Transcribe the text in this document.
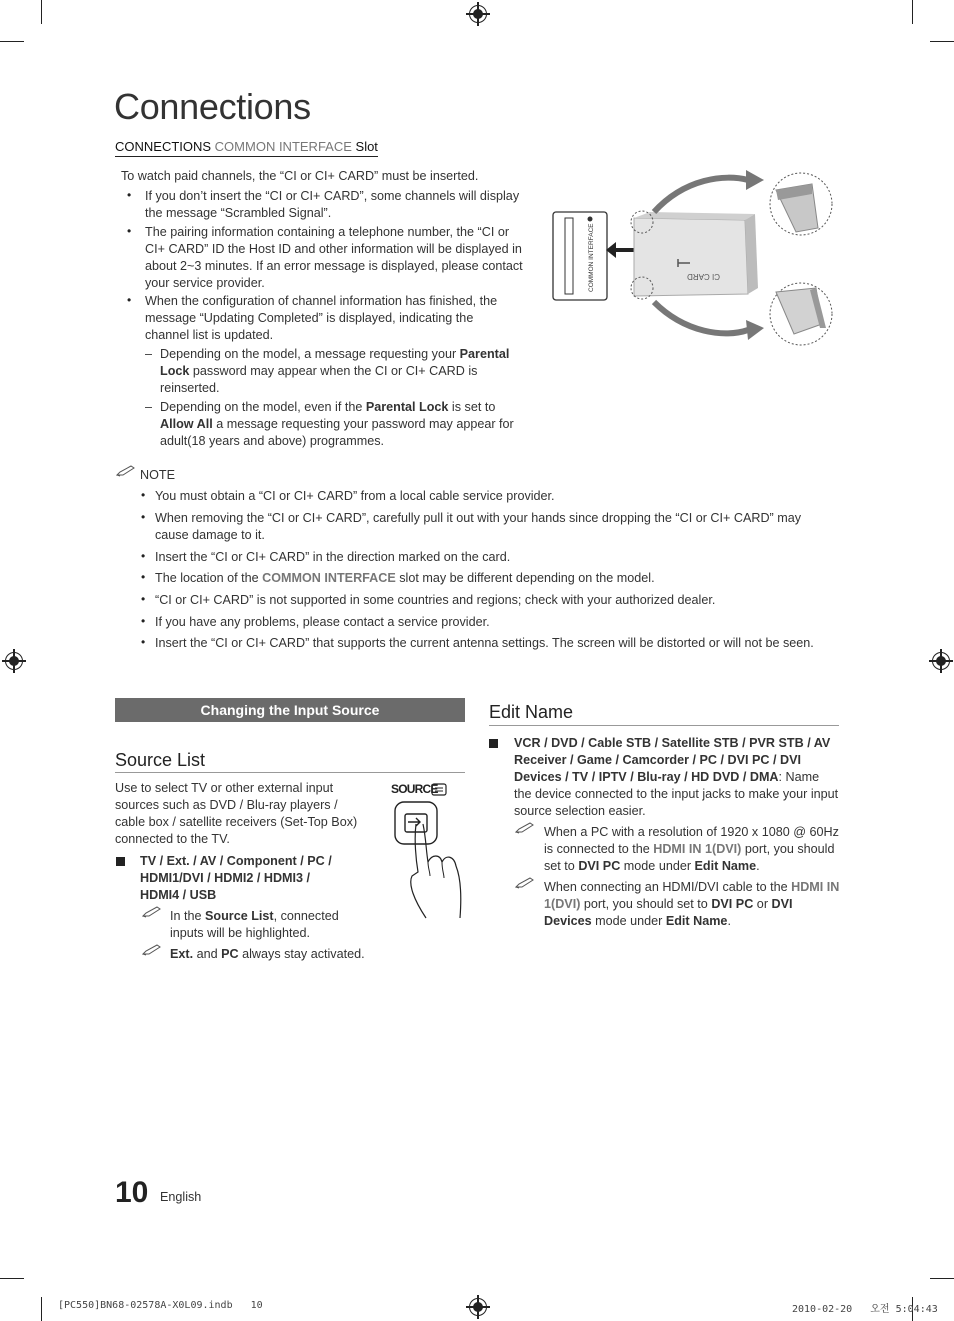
Connections
CONNECTIONS COMMON INTERFACE Slot
To watch paid channels, the “CI or CI+ CARD” must be inserted.
• If you don’t insert the “CI or CI+ CARD”, some channels will display the message “Scrambled Signal”.
• The pairing information containing a telephone number, the “CI or CI+ CARD” ID the Host ID and other information will be displayed in about 2~3 minutes. If an error message is displayed, please contact your service provider.
• When the configuration of channel information has finished, the message “Updating Completed” is displayed, indicating the channel list is updated.
– Depending on the model, a message requesting your Parental Lock password may appear when the CI or CI+ CARD is reinserted.
– Depending on the model, even if the Parental Lock is set to Allow All a message requesting your password may appear for adult(18 years and above) programmes.
COMMON INTERFACE	CI CARD
NOTE
• You must obtain a “CI or CI+ CARD” from a local cable service provider.
• When removing the “CI or CI+ CARD”, carefully pull it out with your hands since dropping the “CI or CI+ CARD” may cause damage to it.
• Insert the “CI or CI+ CARD” in the direction marked on the card.
• The location of the COMMON INTERFACE slot may be different depending on the model.
• “CI or CI+ CARD” is not supported in some countries and regions; check with your authorized dealer.
• If you have any problems, please contact a service provider.
• Insert the “CI or CI+ CARD” that supports the current antenna settings. The screen will be distorted or will not be seen.
Changing the Input Source
Source List
Use to select TV or other external input sources such as DVD / Blu-ray players / cable box / satellite receivers (Set-Top Box) connected to the TV.
TV / Ext. / AV / Component / PC / HDMI1/DVI / HDMI2 / HDMI3 / HDMI4 / USB
In the Source List, connected inputs will be highlighted.
Ext. and PC always stay activated.
SOURCE
Edit Name
VCR / DVD / Cable STB / Satellite STB / PVR STB / AV Receiver / Game / Camcorder / PC / DVI PC / DVI Devices / TV / IPTV / Blu-ray / HD DVD / DMA: Name the device connected to the input jacks to make your input source selection easier.
When a PC with a resolution of 1920 x 1080 @ 60Hz is connected to the HDMI IN 1(DVI) port, you should set to DVI PC mode under Edit Name.
When connecting an HDMI/DVI cable to the HDMI IN 1(DVI) port, you should set to DVI PC or DVI Devices mode under Edit Name.
10 English
[PC550]BN68-02578A-X0L09.indb   10	2010-02-20   오전 5:04:43
